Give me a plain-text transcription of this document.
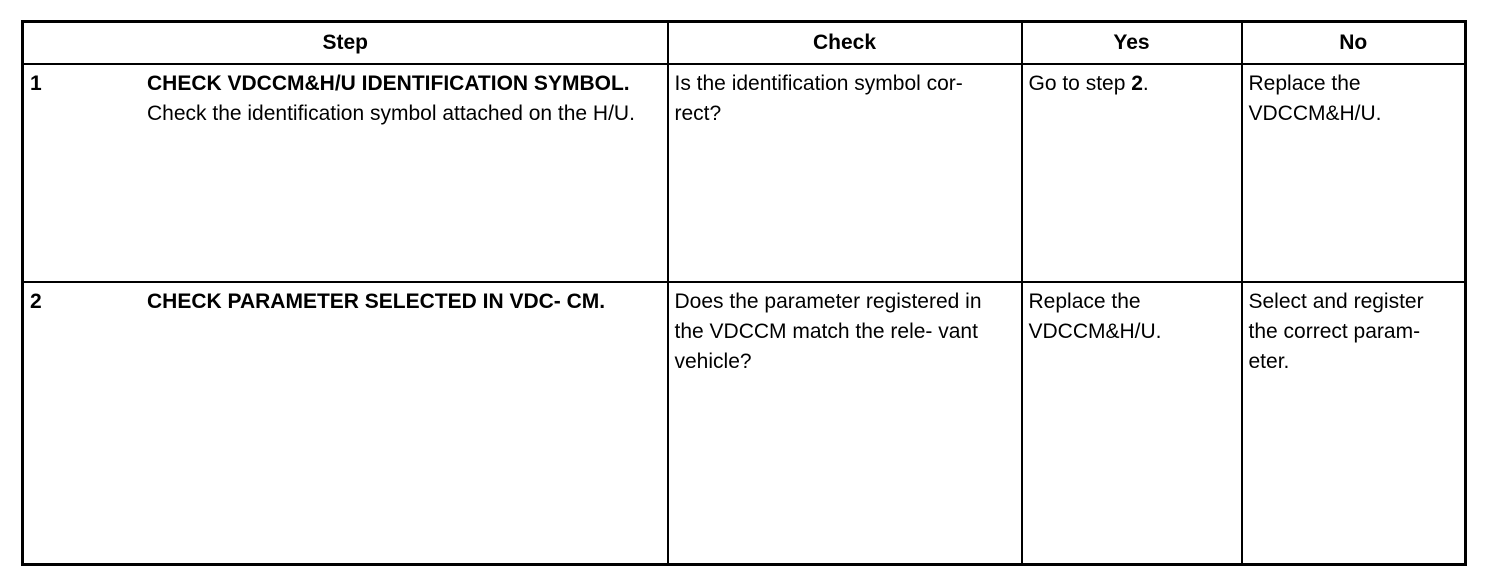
Step	Check	Yes	No

1 CHECK VDCCM&H/U IDENTIFICATION SYMBOL.
Check the identification symbol attached on the H/U.	Is the identification symbol cor- rect?	Go to step 2.	Replace the VDCCM&H/U.

2 CHECK PARAMETER SELECTED IN VDC- CM.	Does the parameter registered in the VDCCM match the rele- vant vehicle?	Replace the VDCCM&H/U.	Select and register the correct param- eter.
